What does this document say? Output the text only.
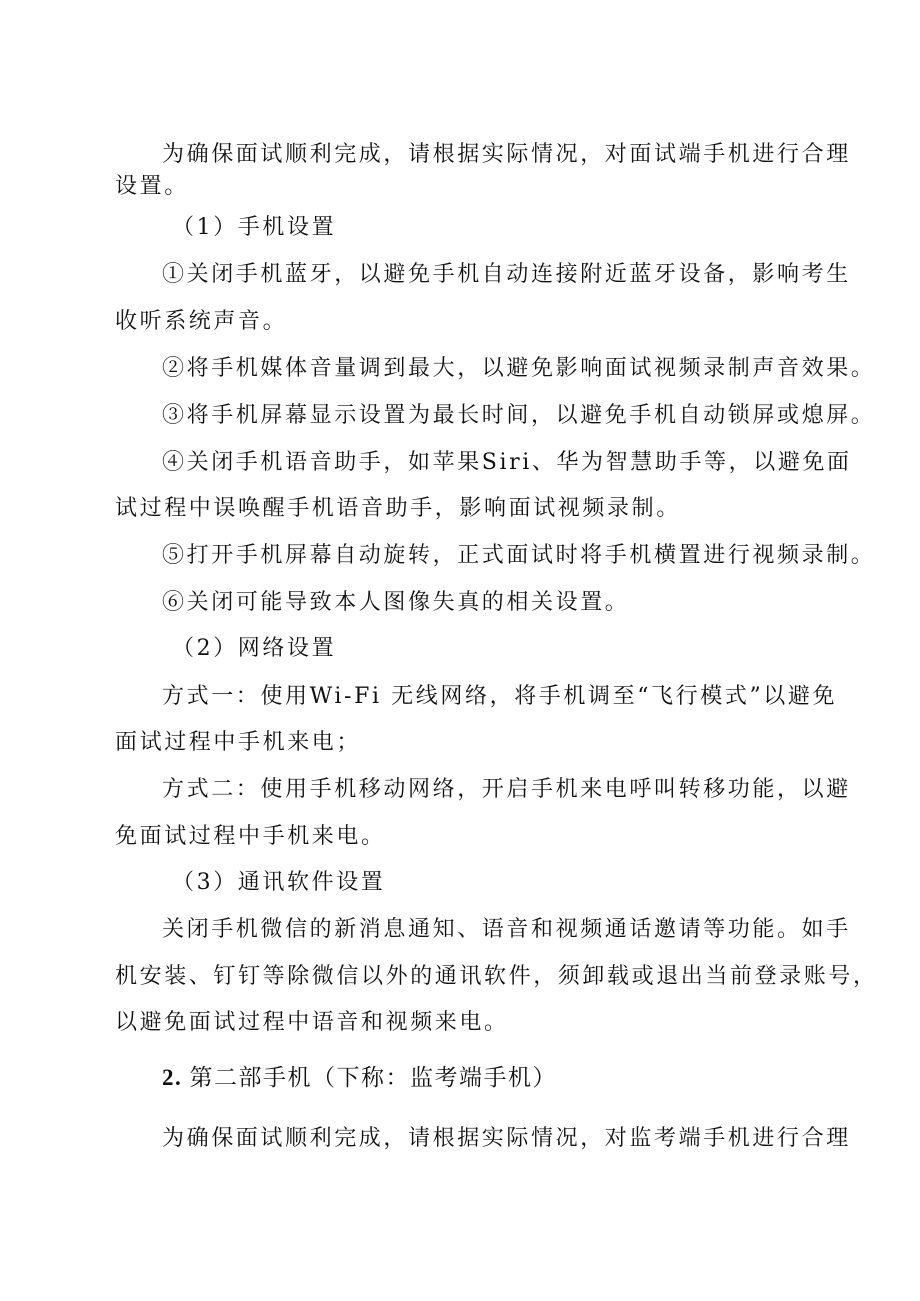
为确保面试顺利完成，请根据实际情况，对面试端手机进行合理
设置。
（1）手机设置
①关闭手机蓝牙，以避免手机自动连接附近蓝牙设备，影响考生
收听系统声音。
②将手机媒体音量调到最大，以避免影响面试视频录制声音效果。
③将手机屏幕显示设置为最长时间，以避免手机自动锁屏或熄屏。
④关闭手机语音助手，如苹果Siri、华为智慧助手等，以避免面
试过程中误唤醒手机语音助手，影响面试视频录制。
⑤打开手机屏幕自动旋转，正式面试时将手机横置进行视频录制。
⑥关闭可能导致本人图像失真的相关设置。
（2）网络设置
方式一：使用Wi-Fi 无线网络，将手机调至“飞行模式”以避免
面试过程中手机来电；
方式二：使用手机移动网络，开启手机来电呼叫转移功能，以避
免面试过程中手机来电。
（3）通讯软件设置
关闭手机微信的新消息通知、语音和视频通话邀请等功能。如手
机安装、钉钉等除微信以外的通讯软件，须卸载或退出当前登录账号，
以避免面试过程中语音和视频来电。
2. 第二部手机（下称：监考端手机）
为确保面试顺利完成，请根据实际情况，对监考端手机进行合理
